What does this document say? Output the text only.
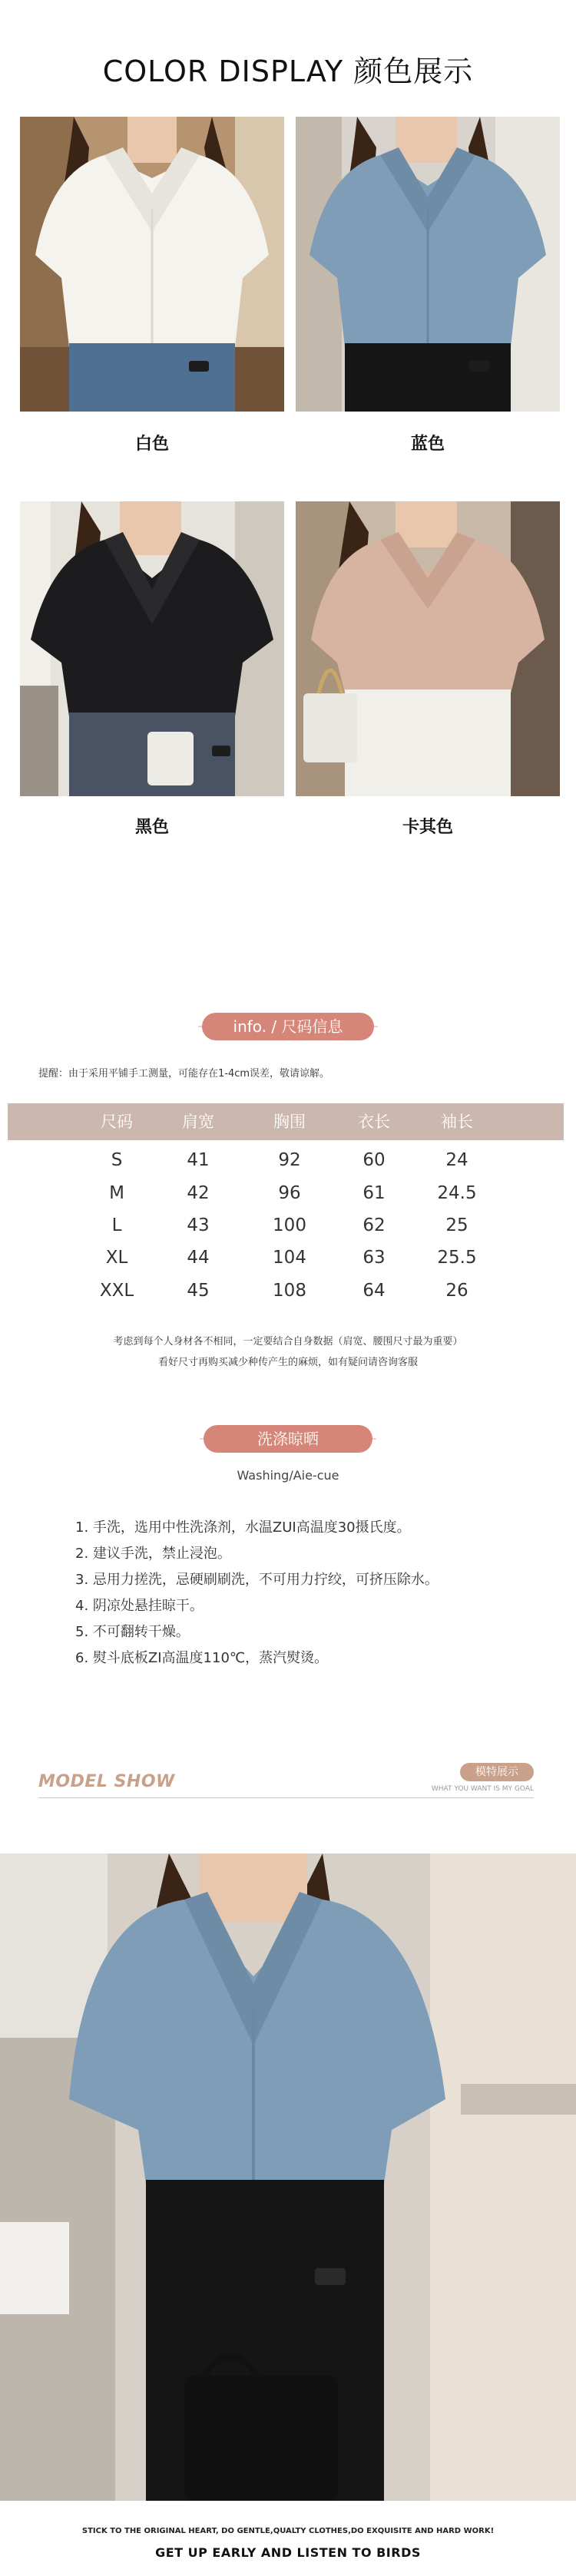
COLOR DISPLAY 颜色展示
白色	蓝色
黑色	卡其色
info. / 尺码信息
提醒：由于采用平铺手工测量，可能存在1-4cm误差，敬请谅解。
尺码	肩宽	胸围	衣长	袖长
S	41	92	60	24
M	42	96	61	24.5
L	43	100	62	25
XL	44	104	63	25.5
XXL	45	108	64	26
考虑到每个人身材各不相同，一定要结合自身数据（肩宽、腰围尺寸最为重要）
看好尺寸再购买减少种传产生的麻烦，如有疑问请咨询客服
洗涤晾晒
Washing/Aie-cue
1. 手洗，选用中性洗涤剂，水温ZUI高温度30摄氏度。
2. 建议手洗，禁止浸泡。
3. 忌用力搓洗，忌硬刷刷洗，不可用力拧绞，可挤压除水。
4. 阴凉处悬挂晾干。
5. 不可翻转干燥。
6. 熨斗底板ZI高温度110℃，蒸汽熨烫。
MODEL SHOW	模特展示
WHAT YOU WANT IS MY GOAL
STICK TO THE ORIGINAL HEART, DO GENTLE,QUALTY CLOTHES,DO EXQUISITE AND HARD WORK!
GET UP EARLY AND LISTEN TO BIRDS
